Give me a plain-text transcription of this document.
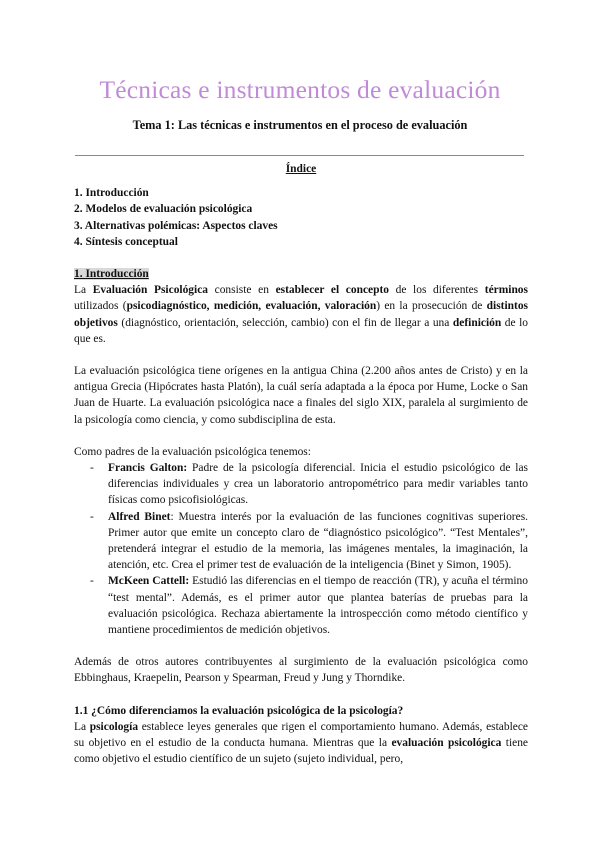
Técnicas e instrumentos de evaluación
Tema 1: Las técnicas e instrumentos en el proceso de evaluación
Índice
1. Introducción
2. Modelos de evaluación psicológica
3. Alternativas polémicas: Aspectos claves
4. Síntesis conceptual
1. Introducción

La Evaluación Psicológica consiste en establecer el concepto de los diferentes términos utilizados (psicodiagnóstico, medición, evaluación, valoración) en la prosecución de distintos objetivos (diagnóstico, orientación, selección, cambio) con el fin de llegar a una definición de lo que es.

La evaluación psicológica tiene orígenes en la antigua China (2.200 años antes de Cristo) y en la antigua Grecia (Hipócrates hasta Platón), la cuál sería adaptada a la época por Hume, Locke o San Juan de Huarte. La evaluación psicológica nace a finales del siglo XIX, paralela al surgimiento de la psicología como ciencia, y como subdisciplina de esta.

Como padres de la evaluación psicológica tenemos:

- Francis Galton: Padre de la psicología diferencial. Inicia el estudio psicológico de las diferencias individuales y crea un laboratorio antropométrico para medir variables tanto físicas como psicofisiológicas.
- Alfred Binet: Muestra interés por la evaluación de las funciones cognitivas superiores. Primer autor que emite un concepto claro de “diagnóstico psicológico”. “Test Mentales”, pretenderá integrar el estudio de la memoria, las imágenes mentales, la imaginación, la atención, etc. Crea el primer test de evaluación de la inteligencia (Binet y Simon, 1905).
- McKeen Cattell: Estudió las diferencias en el tiempo de reacción (TR), y acuña el término “test mental”. Además, es el primer autor que plantea baterías de pruebas para la evaluación psicológica. Rechaza abiertamente la introspección como método científico y mantiene procedimientos de medición objetivos.

Además de otros autores contribuyentes al surgimiento de la evaluación psicológica como Ebbinghaus, Kraepelin, Pearson y Spearman, Freud y Jung y Thorndike.

1.1 ¿Cómo diferenciamos la evaluación psicológica de la psicología?

La psicología establece leyes generales que rigen el comportamiento humano. Además, establece su objetivo en el estudio de la conducta humana. Mientras que la evaluación psicológica tiene como objetivo el estudio científico de un sujeto (sujeto individual, pero,
